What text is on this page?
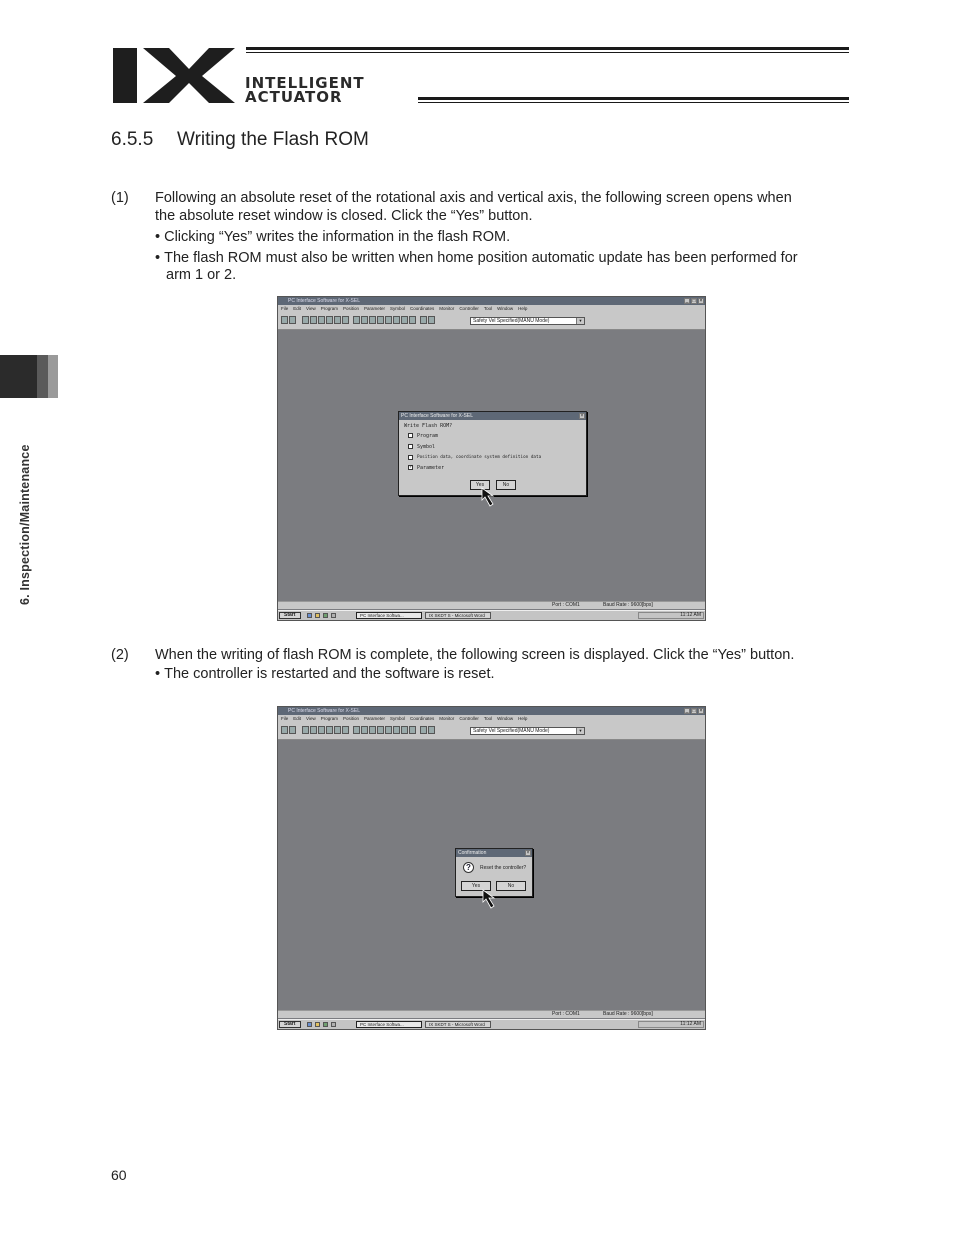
INTELLIGENT
ACTUATOR
6. Inspection/Maintenance
6.5.5 Writing the Flash ROM
(1) Following an absolute reset of the rotational axis and vertical axis, the following screen opens when
the absolute reset window is closed. Click the “Yes” button.
• Clicking “Yes” writes the information in the flash ROM.
• The flash ROM must also be written when home position automatic update has been performed for
arm 1 or 2.
PC Interface Software for X-SEL	_ □ ×
File Edit View Program Position Parameter Symbol Coordinates Monitor Controller Tool Window Help
Safety Vel Specified(MANU Mode)	▼
Port : COM1	Baud Rate : 9600[bps]
Start	PC Interface Softwa...	IX SKDT S - Microsoft Word	11:12 AM
PC Interface Software for X-SEL	×
Write Flash ROM?
Program
Symbol
Position data, coordinate system definition data
✓ Parameter
Yes	No
(2) When the writing of flash ROM is complete, the following screen is displayed. Click the “Yes” button.
• The controller is restarted and the software is reset.
PC Interface Software for X-SEL	_ □ ×
File Edit View Program Position Parameter Symbol Coordinates Monitor Controller Tool Window Help
Safety Vel Specified(MANU Mode)	▼
Port : COM1	Baud Rate : 9600[bps]
Start	PC Interface Softwa...	IX SKDT S - Microsoft Word	11:12 AM
Confirmation	×
?	Reset the controller?
Yes	No
60
